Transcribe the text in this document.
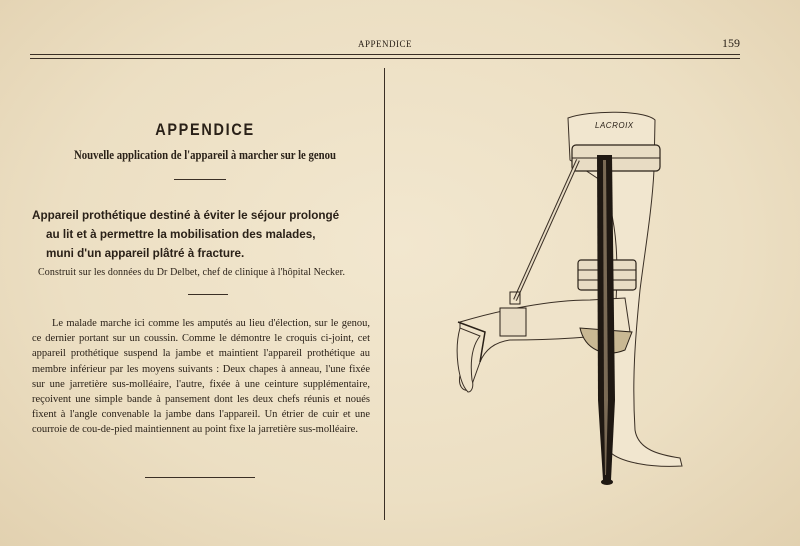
APPENDICE	159
APPENDICE
Nouvelle application de l'appareil à marcher sur le genou
Appareil prothétique destiné à éviter le séjour prolongé
au lit et à permettre la mobilisation des malades,
muni d'un appareil plâtré à fracture.
Construit sur les données du Dr Delbet, chef de clinique à l'hôpital Necker.

Le malade marche ici comme les amputés au lieu d'élection, sur le genou, ce dernier portant sur un coussin. Comme le démontre le croquis ci-joint, cet appareil prothétique suspend la jambe et maintient l'appareil prothétique au membre inférieur par les moyens suivants : Deux chapes à anneau, l'une fixée sur une jarretière sus-molléaire, l'autre, fixée à une ceinture supplémentaire, reçoivent une simple bande à pansement dont les deux chefs réunis et noués fixent à l'angle convenable la jambe dans l'appareil. Un étrier de cuir et une courroie de cou-de-pied maintiennent au point fixe la jarretière sus-molléaire.

LACROIX
